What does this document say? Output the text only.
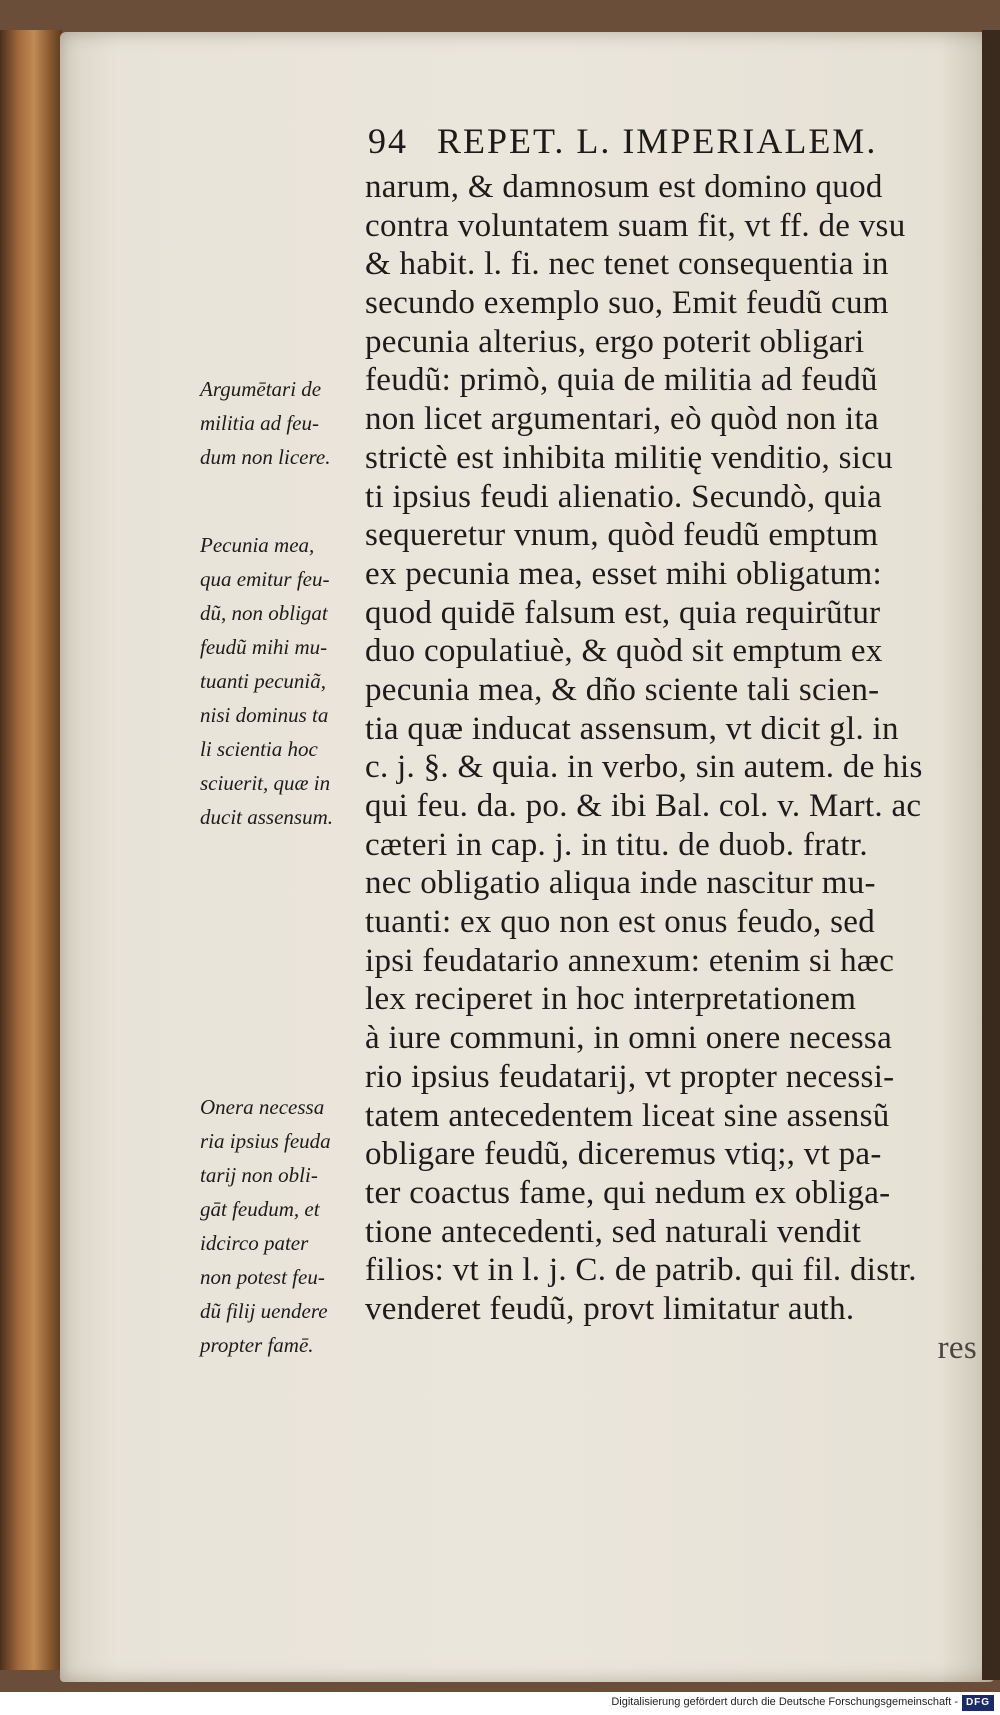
94 REPET. L. IMPERIALEM.
narum, & damnosum est domino quod
contra voluntatem suam fit, vt ff. de vsu
& habit. l. fi. nec tenet consequentia in
secundo exemplo suo, Emit feudũ cum
pecunia alterius, ergo poterit obligari
feudũ: primò, quia de militia ad feudũ
non licet argumentari, eò quòd non ita
strictè est inhibita militię venditio, sicu
ti ipsius feudi alienatio. Secundò, quia
sequeretur vnum, quòd feudũ emptum
ex pecunia mea, esset mihi obligatum:
quod quidē falsum est, quia requirũtur
duo copulatiuè, & quòd sit emptum ex
pecunia mea, & dño sciente tali scien-
tia quæ inducat assensum, vt dicit gl. in
c. j. §. & quia. in verbo, sin autem. de his
qui feu. da. po. & ibi Bal. col. v. Mart. ac
cæteri in cap. j. in titu. de duob. fratr.
nec obligatio aliqua inde nascitur mu-
tuanti: ex quo non est onus feudo, sed
ipsi feudatario annexum: etenim si hæc
lex reciperet in hoc interpretationem
à iure communi, in omni onere necessa
rio ipsius feudatarij, vt propter necessi-
tatem antecedentem liceat sine assensũ
obligare feudũ, diceremus vtiq;, vt pa-
ter coactus fame, qui nedum ex obliga-
tione antecedenti, sed naturali vendit
filios: vt in l. j. C. de patrib. qui fil. distr.
venderet feudũ, provt limitatur auth.
res
Argumētari de
militia ad feu-
dum non licere.
Pecunia mea,
qua emitur feu-
dũ, non obligat
feudũ mihi mu-
tuanti pecuniã,
nisi dominus ta
li scientia hoc
sciuerit, quæ in
ducit assensum.
Onera necessa
ria ipsius feuda
tarij non obli-
gāt feudum, et
idcirco pater
non potest feu-
dũ filij uendere
propter famē.
Digitalisierung gefördert durch die Deutsche Forschungsgemeinschaft - DFG
